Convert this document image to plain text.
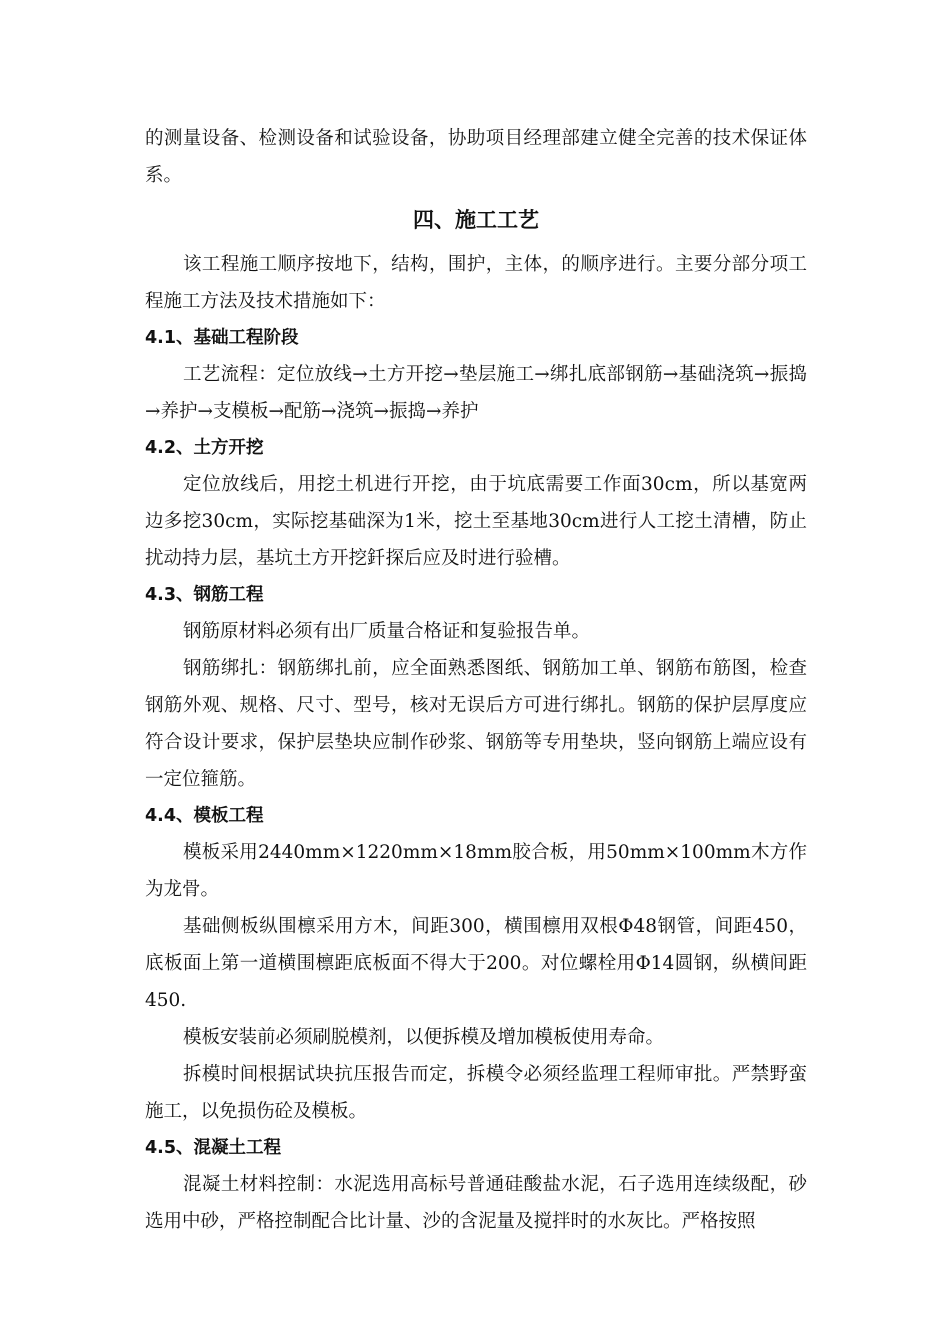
的测量设备、检测设备和试验设备，协助项目经理部建立健全完善的技术保证体系。

四、施工工艺

该工程施工顺序按地下，结构，围护，主体，的顺序进行。主要分部分项工程施工方法及技术措施如下：

4.1、基础工程阶段

工艺流程：定位放线→土方开挖→垫层施工→绑扎底部钢筋→基础浇筑→振捣→养护→支模板→配筋→浇筑→振捣→养护

4.2、土方开挖

定位放线后，用挖土机进行开挖，由于坑底需要工作面30cm，所以基宽两边多挖30cm，实际挖基础深为1米，挖土至基地30cm进行人工挖土清槽，防止扰动持力层，基坑土方开挖釺探后应及时进行验槽。

4.3、钢筋工程

钢筋原材料必须有出厂质量合格证和复验报告单。

钢筋绑扎：钢筋绑扎前，应全面熟悉图纸、钢筋加工单、钢筋布筋图，检查钢筋外观、规格、尺寸、型号，核对无误后方可进行绑扎。钢筋的保护层厚度应符合设计要求，保护层垫块应制作砂浆、钢筋等专用垫块，竖向钢筋上端应设有一定位箍筋。

4.4、模板工程

模板采用2440mm×1220mm×18mm胶合板，用50mm×100mm木方作为龙骨。

基础侧板纵围檩采用方木，间距300，横围檩用双根Φ48钢管，间距450，底板面上第一道横围檩距底板面不得大于200。对位螺栓用Φ14圆钢，纵横间距450.

模板安装前必须刷脱模剂，以便拆模及增加模板使用寿命。

拆模时间根据试块抗压报告而定，拆模令必须经监理工程师审批。严禁野蛮施工，以免损伤砼及模板。

4.5、混凝土工程

混凝土材料控制：水泥选用高标号普通硅酸盐水泥，石子选用连续级配，砂选用中砂，严格控制配合比计量、沙的含泥量及搅拌时的水灰比。严格按照
